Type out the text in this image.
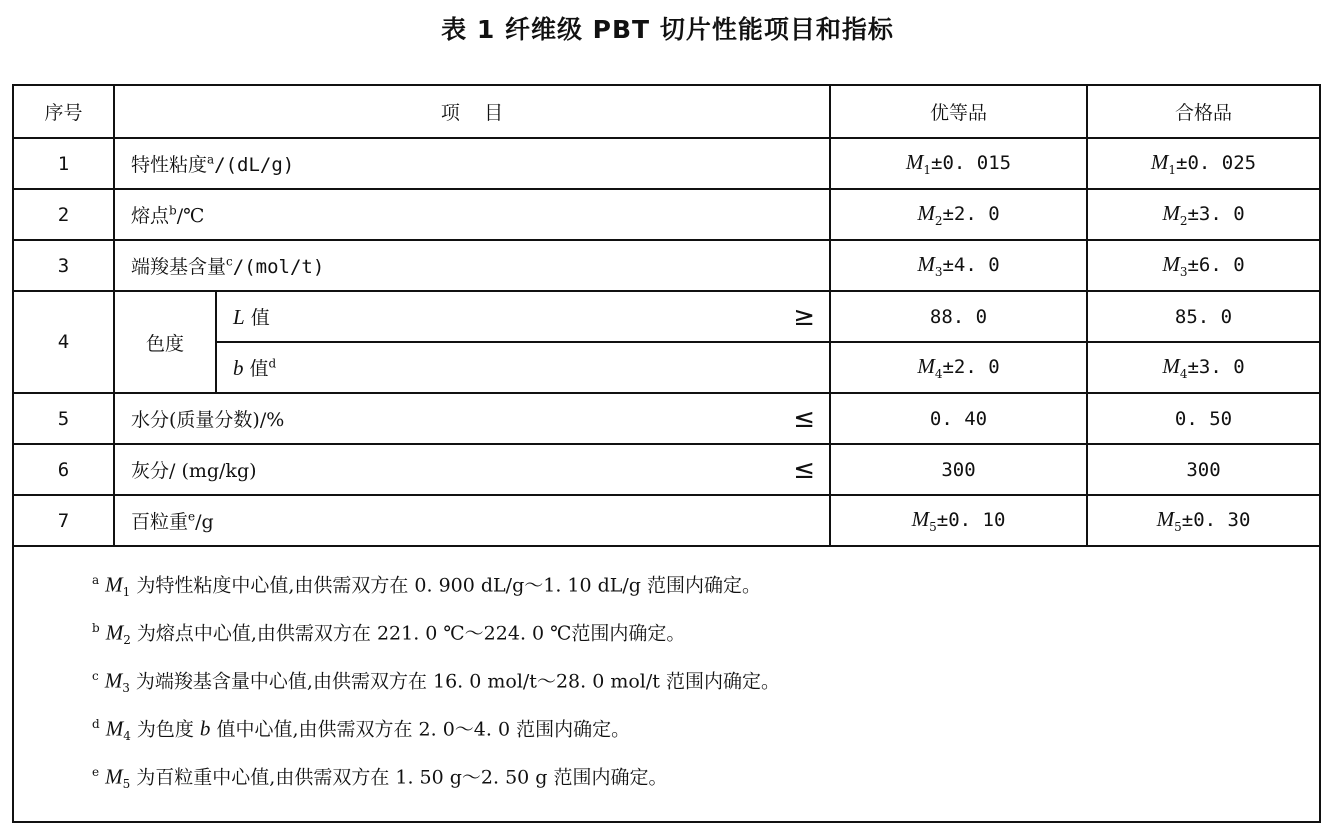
表 1 纤维级 PBT 切片性能项目和指标
序号	项    目		优等品	合格品
1	特性粘度$^a$/(dL/g)		$M_1\pm 0$. 015	$M_1\pm 0$. 025
2	熔点$^b$/℃		$M_2\pm 2$. 0	$M_2\pm 3$. 0
3	端羧基含量$^c$/(mol/t)		$M_3\pm 4$. 0	$M_3\pm 6$. 0
4	色度	L 值 ≥	88. 0	85. 0
		b 值$^d$	$M_4\pm 2$. 0	$M_4\pm 3$. 0
5	水分(质量分数)/% ≤		0. 40	0. 50
6	灰分/ (mg/kg) ≤		300	300
7	百粒重$^e$/g		$M_5\pm 0$. 10	$M_5\pm 0$. 30

$^a$ $M_1$ 为特性粘度中心值,由供需双方在 0. 900 dL/g～1. 10 dL/g 范围内确定。
$^b$ $M_2$ 为熔点中心值,由供需双方在 221. 0 ℃～224. 0 ℃范围内确定。
$^c$ $M_3$ 为端羧基含量中心值,由供需双方在 16. 0 mol/t～28. 0 mol/t 范围内确定。
$^d$ $M_4$ 为色度 b 值中心值,由供需双方在 2. 0～4. 0 范围内确定。
$^e$ $M_5$ 为百粒重中心值,由供需双方在 1. 50 g～2. 50 g 范围内确定。				
